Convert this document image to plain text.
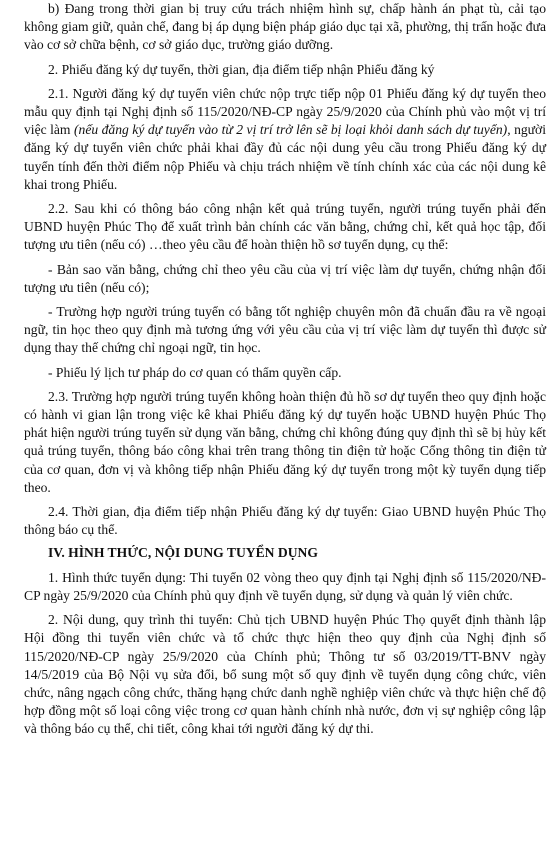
b) Đang trong thời gian bị truy cứu trách nhiệm hình sự, chấp hành án phạt tù, cải tạo không giam giữ, quản chế, đang bị áp dụng biện pháp giáo dục tại xã, phường, thị trấn hoặc đưa vào cơ sở chữa bệnh, cơ sở giáo dục, trường giáo dưỡng.

2. Phiếu đăng ký dự tuyển, thời gian, địa điểm tiếp nhận Phiếu đăng ký

2.1. Người đăng ký dự tuyển viên chức nộp trực tiếp nộp 01 Phiếu đăng ký dự tuyển theo mẫu quy định tại Nghị định số 115/2020/NĐ-CP ngày 25/9/2020 của Chính phủ vào một vị trí việc làm (nếu đăng ký dự tuyển vào từ 2 vị trí trở lên sẽ bị loại khỏi danh sách dự tuyển), người đăng ký dự tuyển viên chức phải khai đầy đủ các nội dung yêu cầu trong Phiếu đăng ký dự tuyển tính đến thời điểm nộp Phiếu và chịu trách nhiệm về tính chính xác của các nội dung kê khai trong Phiếu.

2.2. Sau khi có thông báo công nhận kết quả trúng tuyển, người trúng tuyển phải đến UBND huyện Phúc Thọ để xuất trình bản chính các văn bằng, chứng chỉ, kết quả học tập, đối tượng ưu tiên (nếu có) …theo yêu cầu để hoàn thiện hồ sơ tuyển dụng, cụ thể:

- Bản sao văn bằng, chứng chỉ theo yêu cầu của vị trí việc làm dự tuyển, chứng nhận đối tượng ưu tiên (nếu có);

- Trường hợp người trúng tuyển có bằng tốt nghiệp chuyên môn đã chuẩn đầu ra về ngoại ngữ, tin học theo quy định mà tương ứng với yêu cầu của vị trí việc làm dự tuyển thì được sử dụng thay thế chứng chỉ ngoại ngữ, tin học.

- Phiếu lý lịch tư pháp do cơ quan có thẩm quyền cấp.

2.3. Trường hợp người trúng tuyển không hoàn thiện đủ hồ sơ dự tuyển theo quy định hoặc có hành vi gian lận trong việc kê khai Phiếu đăng ký dự tuyển hoặc UBND huyện Phúc Thọ phát hiện người trúng tuyển sử dụng văn bằng, chứng chỉ không đúng quy định thì sẽ bị hủy kết quả trúng tuyển, thông báo công khai trên trang thông tin điện tử hoặc Cổng thông tin điện tử của cơ quan, đơn vị và không tiếp nhận Phiếu đăng ký dự tuyển trong một kỳ tuyển dụng tiếp theo.

2.4. Thời gian, địa điểm tiếp nhận Phiếu đăng ký dự tuyển: Giao UBND huyện Phúc Thọ thông báo cụ thể.

IV. HÌNH THỨC, NỘI DUNG TUYỂN DỤNG

1. Hình thức tuyển dụng: Thi tuyển 02 vòng theo quy định tại Nghị định số 115/2020/NĐ-CP ngày 25/9/2020 của Chính phủ quy định về tuyển dụng, sử dụng và quản lý viên chức.

2. Nội dung, quy trình thi tuyển: Chủ tịch UBND huyện Phúc Thọ quyết định thành lập Hội đồng thi tuyển viên chức và tổ chức thực hiện theo quy định của Nghị định số 115/2020/NĐ-CP ngày 25/9/2020 của Chính phủ; Thông tư số 03/2019/TT-BNV ngày 14/5/2019 của Bộ Nội vụ sửa đổi, bổ sung một số quy định về tuyển dụng công chức, viên chức, nâng ngạch công chức, thăng hạng chức danh nghề nghiệp viên chức và thực hiện chế độ hợp đồng một số loại công việc trong cơ quan hành chính nhà nước, đơn vị sự nghiệp công lập và thông báo cụ thể, chi tiết, công khai tới người đăng ký dự thi.
